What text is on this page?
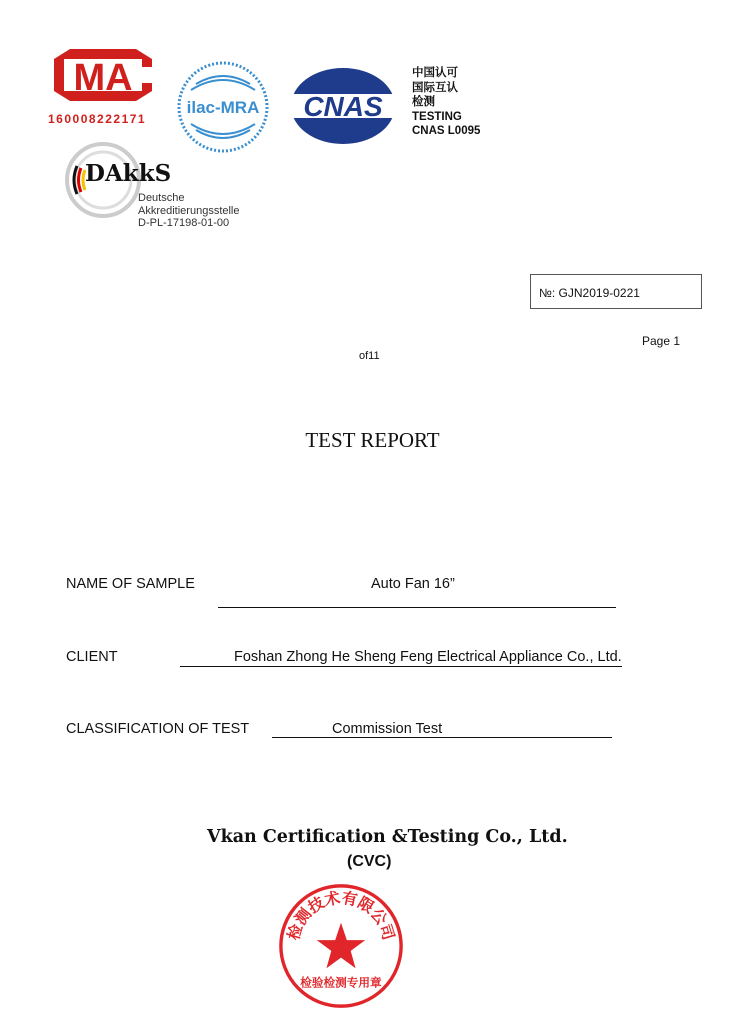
MA
160008222171
ilac-MRA CNAS
中国认可
国际互认
检测
TESTING
CNAS L0095
DAkkS
Deutsche
Akkreditierungsstelle
D-PL-17198-01-00
№: GJN2019-0221
Page 1
of11
TEST REPORT
NAME OF SAMPLE	Auto Fan 16”
CLIENT	Foshan Zhong He Sheng Feng Electrical Appliance Co., Ltd.
CLASSIFICATION OF TEST	Commission Test
Vkan Certification &Testing Co., Ltd.
(CVC)
检测技术有限公司
检验检测专用章
